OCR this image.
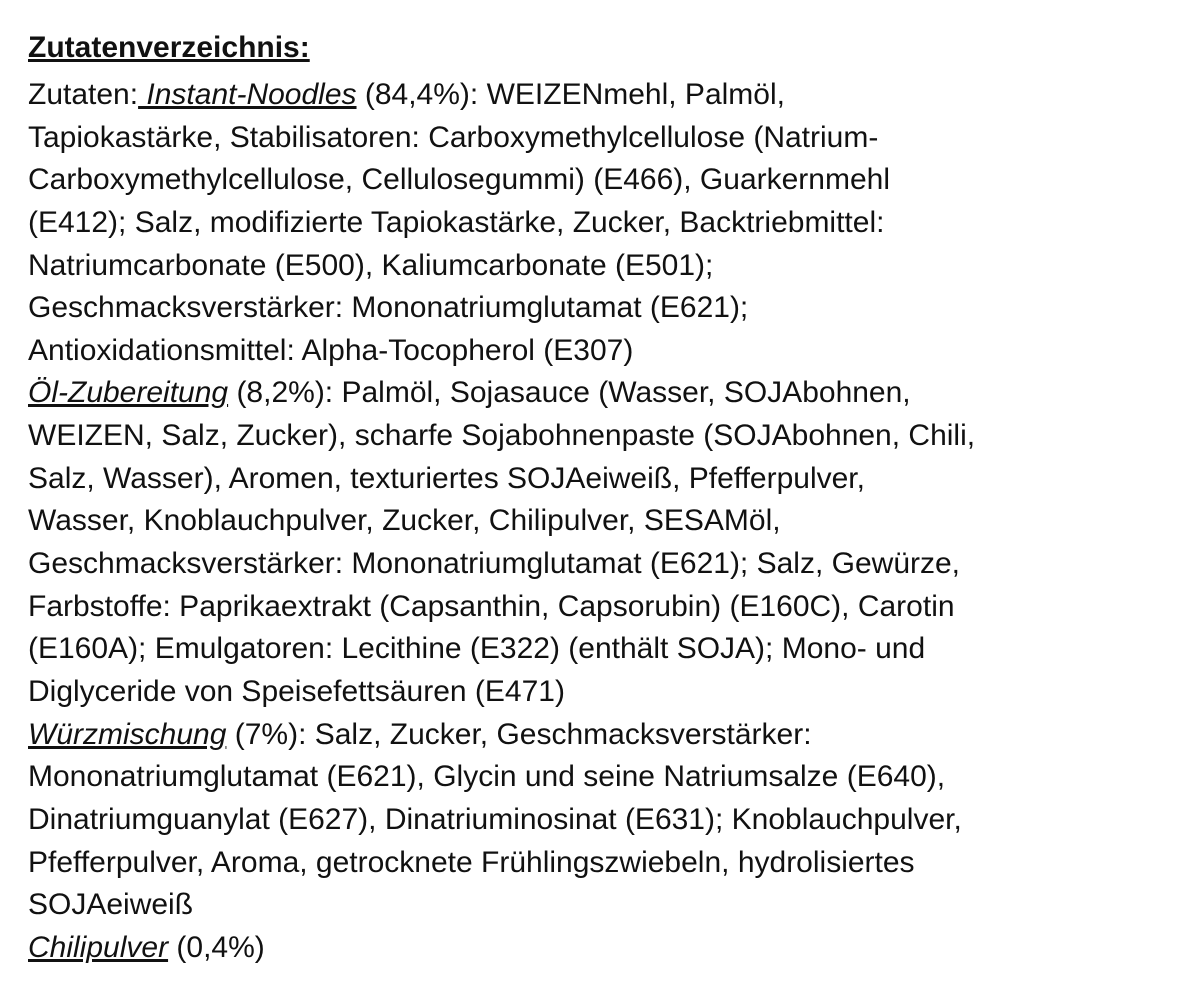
Zutatenverzeichnis:
Zutaten: Instant-Noodles (84,4%): WEIZENmehl, Palmöl,
Tapiokastärke, Stabilisatoren: Carboxymethylcellulose (Natrium-
Carboxymethylcellulose, Cellulosegummi) (E466), Guarkernmehl
(E412); Salz, modifizierte Tapiokastärke, Zucker, Backtriebmittel:
Natriumcarbonate (E500), Kaliumcarbonate (E501);
Geschmacksverstärker: Mononatriumglutamat (E621);
Antioxidationsmittel: Alpha-Tocopherol (E307)
Öl-Zubereitung (8,2%): Palmöl, Sojasauce (Wasser, SOJAbohnen,
WEIZEN, Salz, Zucker), scharfe Sojabohnenpaste (SOJAbohnen, Chili,
Salz, Wasser), Aromen, texturiertes SOJAeiweiß, Pfefferpulver,
Wasser, Knoblauchpulver, Zucker, Chilipulver, SESAMöl,
Geschmacksverstärker: Mononatriumglutamat (E621); Salz, Gewürze,
Farbstoffe: Paprikaextrakt (Capsanthin, Capsorubin) (E160C), Carotin
(E160A); Emulgatoren: Lecithine (E322) (enthält SOJA); Mono- und
Diglyceride von Speisefettsäuren (E471)
Würzmischung (7%): Salz, Zucker, Geschmacksverstärker:
Mononatriumglutamat (E621), Glycin und seine Natriumsalze (E640),
Dinatriumguanylat (E627), Dinatriuminosinat (E631); Knoblauchpulver,
Pfefferpulver, Aroma, getrocknete Frühlingszwiebeln, hydrolisiertes
SOJAeiweiß
Chilipulver (0,4%)
